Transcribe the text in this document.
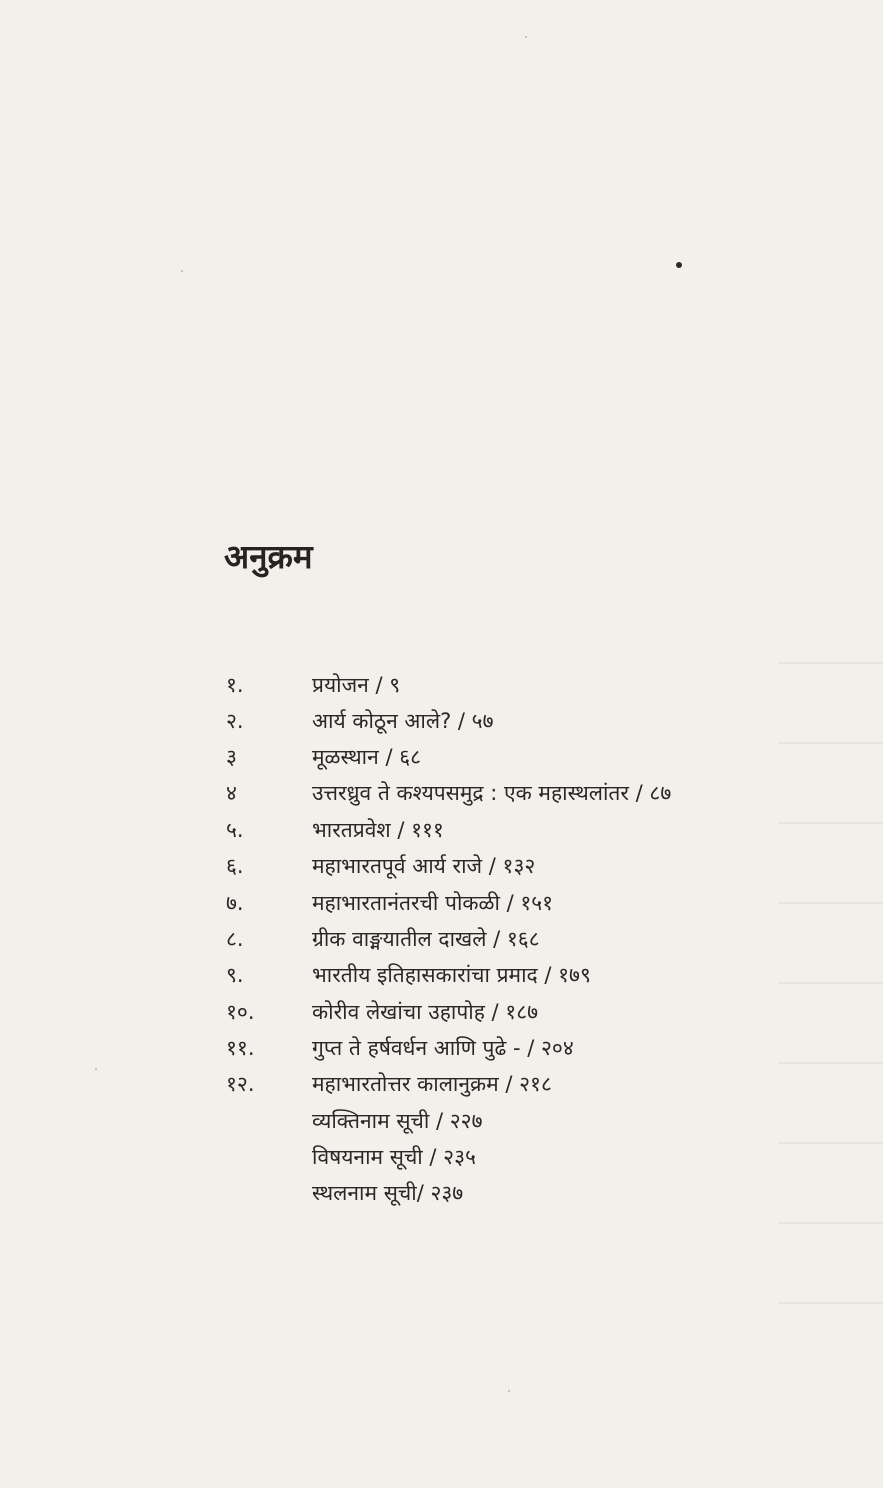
अनुक्रम
१.	प्रयोजन / ९
२.	आर्य कोठून आले? / ५७
३	मूळस्थान / ६८
४	उत्तरध्रुव ते कश्यपसमुद्र : एक महास्थलांतर / ८७
५.	भारतप्रवेश / १११
६.	महाभारतपूर्व आर्य राजे / १३२
७.	महाभारतानंतरची पोकळी / १५१
८.	ग्रीक वाङ्मयातील दाखले / १६८
९.	भारतीय इतिहासकारांचा प्रमाद / १७९
१०.	कोरीव लेखांचा उहापोह / १८७
११.	गुप्त ते हर्षवर्धन आणि पुढे - / २०४
१२.	महाभारतोत्तर कालानुक्रम / २१८
व्यक्तिनाम सूची / २२७
विषयनाम सूची / २३५
स्थलनाम सूची/ २३७
